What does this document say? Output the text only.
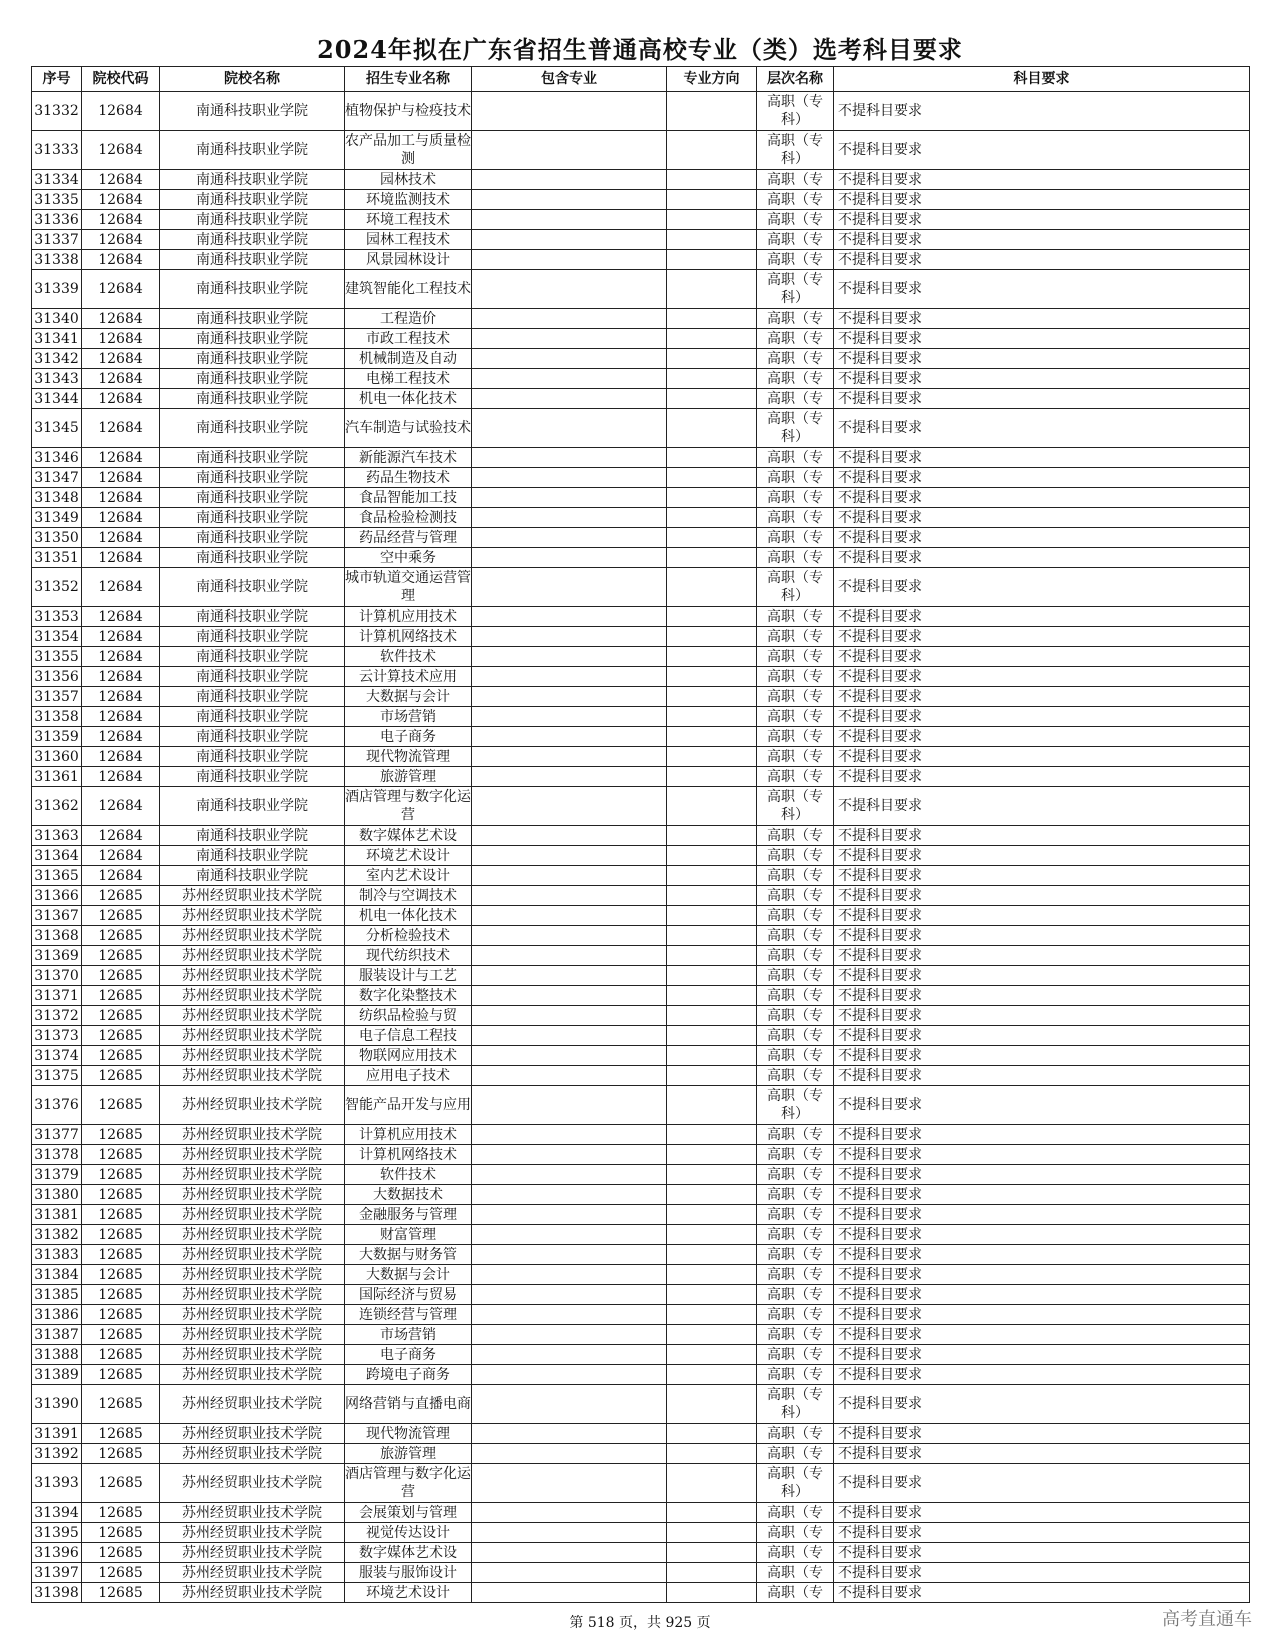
2024年拟在广东省招生普通高校专业（类）选考科目要求
序号	院校代码	院校名称	招生专业名称	包含专业	专业方向	层次名称	科目要求
31332	12684	南通科技职业学院	植物保护与检疫技术			高职（专科）	不提科目要求
31333	12684	南通科技职业学院	农产品加工与质量检测			高职（专科）	不提科目要求
31334	12684	南通科技职业学院	园林技术			高职（专	不提科目要求
31335	12684	南通科技职业学院	环境监测技术			高职（专	不提科目要求
31336	12684	南通科技职业学院	环境工程技术			高职（专	不提科目要求
31337	12684	南通科技职业学院	园林工程技术			高职（专	不提科目要求
31338	12684	南通科技职业学院	风景园林设计			高职（专	不提科目要求
31339	12684	南通科技职业学院	建筑智能化工程技术			高职（专科）	不提科目要求
31340	12684	南通科技职业学院	工程造价			高职（专	不提科目要求
31341	12684	南通科技职业学院	市政工程技术			高职（专	不提科目要求
31342	12684	南通科技职业学院	机械制造及自动			高职（专	不提科目要求
31343	12684	南通科技职业学院	电梯工程技术			高职（专	不提科目要求
31344	12684	南通科技职业学院	机电一体化技术			高职（专	不提科目要求
31345	12684	南通科技职业学院	汽车制造与试验技术			高职（专科）	不提科目要求
31346	12684	南通科技职业学院	新能源汽车技术			高职（专	不提科目要求
31347	12684	南通科技职业学院	药品生物技术			高职（专	不提科目要求
31348	12684	南通科技职业学院	食品智能加工技			高职（专	不提科目要求
31349	12684	南通科技职业学院	食品检验检测技			高职（专	不提科目要求
31350	12684	南通科技职业学院	药品经营与管理			高职（专	不提科目要求
31351	12684	南通科技职业学院	空中乘务			高职（专	不提科目要求
31352	12684	南通科技职业学院	城市轨道交通运营管理			高职（专科）	不提科目要求
31353	12684	南通科技职业学院	计算机应用技术			高职（专	不提科目要求
31354	12684	南通科技职业学院	计算机网络技术			高职（专	不提科目要求
31355	12684	南通科技职业学院	软件技术			高职（专	不提科目要求
31356	12684	南通科技职业学院	云计算技术应用			高职（专	不提科目要求
31357	12684	南通科技职业学院	大数据与会计			高职（专	不提科目要求
31358	12684	南通科技职业学院	市场营销			高职（专	不提科目要求
31359	12684	南通科技职业学院	电子商务			高职（专	不提科目要求
31360	12684	南通科技职业学院	现代物流管理			高职（专	不提科目要求
31361	12684	南通科技职业学院	旅游管理			高职（专	不提科目要求
31362	12684	南通科技职业学院	酒店管理与数字化运营			高职（专科）	不提科目要求
31363	12684	南通科技职业学院	数字媒体艺术设			高职（专	不提科目要求
31364	12684	南通科技职业学院	环境艺术设计			高职（专	不提科目要求
31365	12684	南通科技职业学院	室内艺术设计			高职（专	不提科目要求
31366	12685	苏州经贸职业技术学院	制冷与空调技术			高职（专	不提科目要求
31367	12685	苏州经贸职业技术学院	机电一体化技术			高职（专	不提科目要求
31368	12685	苏州经贸职业技术学院	分析检验技术			高职（专	不提科目要求
31369	12685	苏州经贸职业技术学院	现代纺织技术			高职（专	不提科目要求
31370	12685	苏州经贸职业技术学院	服装设计与工艺			高职（专	不提科目要求
31371	12685	苏州经贸职业技术学院	数字化染整技术			高职（专	不提科目要求
31372	12685	苏州经贸职业技术学院	纺织品检验与贸			高职（专	不提科目要求
31373	12685	苏州经贸职业技术学院	电子信息工程技			高职（专	不提科目要求
31374	12685	苏州经贸职业技术学院	物联网应用技术			高职（专	不提科目要求
31375	12685	苏州经贸职业技术学院	应用电子技术			高职（专	不提科目要求
31376	12685	苏州经贸职业技术学院	智能产品开发与应用			高职（专科）	不提科目要求
31377	12685	苏州经贸职业技术学院	计算机应用技术			高职（专	不提科目要求
31378	12685	苏州经贸职业技术学院	计算机网络技术			高职（专	不提科目要求
31379	12685	苏州经贸职业技术学院	软件技术			高职（专	不提科目要求
31380	12685	苏州经贸职业技术学院	大数据技术			高职（专	不提科目要求
31381	12685	苏州经贸职业技术学院	金融服务与管理			高职（专	不提科目要求
31382	12685	苏州经贸职业技术学院	财富管理			高职（专	不提科目要求
31383	12685	苏州经贸职业技术学院	大数据与财务管			高职（专	不提科目要求
31384	12685	苏州经贸职业技术学院	大数据与会计			高职（专	不提科目要求
31385	12685	苏州经贸职业技术学院	国际经济与贸易			高职（专	不提科目要求
31386	12685	苏州经贸职业技术学院	连锁经营与管理			高职（专	不提科目要求
31387	12685	苏州经贸职业技术学院	市场营销			高职（专	不提科目要求
31388	12685	苏州经贸职业技术学院	电子商务			高职（专	不提科目要求
31389	12685	苏州经贸职业技术学院	跨境电子商务			高职（专	不提科目要求
31390	12685	苏州经贸职业技术学院	网络营销与直播电商			高职（专科）	不提科目要求
31391	12685	苏州经贸职业技术学院	现代物流管理			高职（专	不提科目要求
31392	12685	苏州经贸职业技术学院	旅游管理			高职（专	不提科目要求
31393	12685	苏州经贸职业技术学院	酒店管理与数字化运营			高职（专科）	不提科目要求
31394	12685	苏州经贸职业技术学院	会展策划与管理			高职（专	不提科目要求
31395	12685	苏州经贸职业技术学院	视觉传达设计			高职（专	不提科目要求
31396	12685	苏州经贸职业技术学院	数字媒体艺术设			高职（专	不提科目要求
31397	12685	苏州经贸职业技术学院	服装与服饰设计			高职（专	不提科目要求
31398	12685	苏州经贸职业技术学院	环境艺术设计			高职（专	不提科目要求
第 518 页，共 925 页	高考直通车
